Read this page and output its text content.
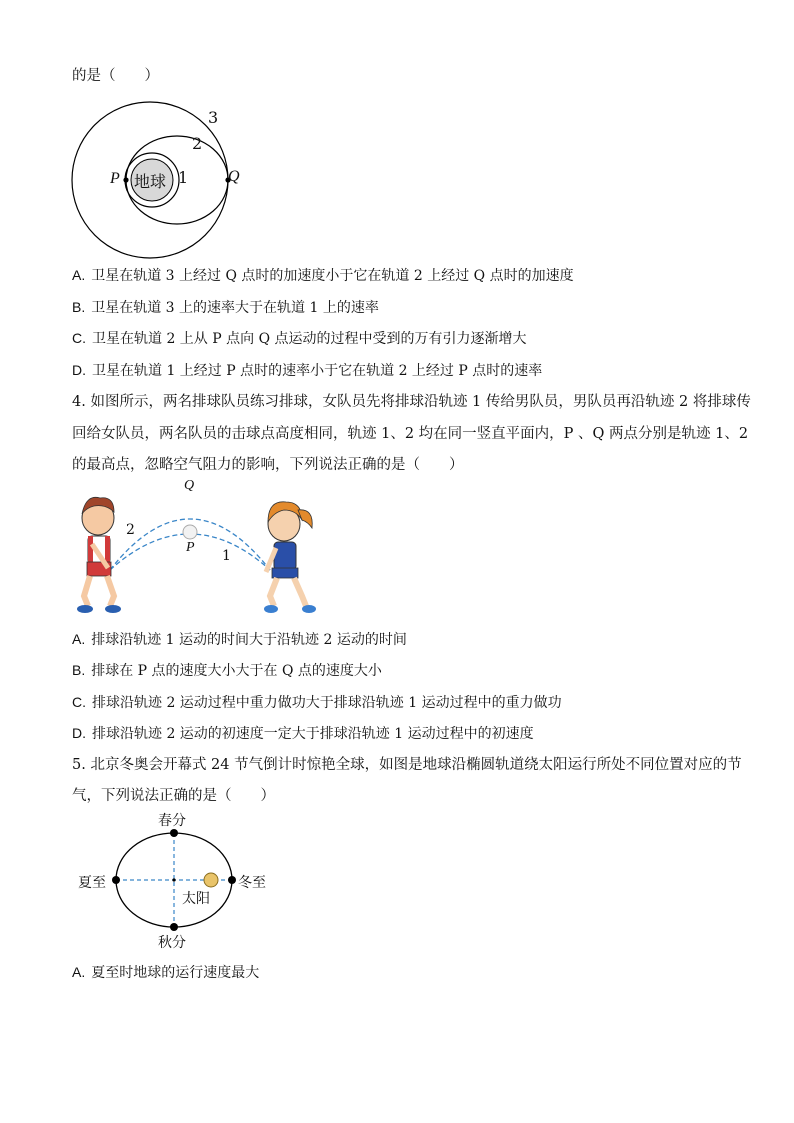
的是（　　）
3
2
1
P	Q
地球
A. 卫星在轨道 3 上经过 Q 点时的加速度小于它在轨道 2 上经过 Q 点时的加速度
B. 卫星在轨道 3 上的速率大于在轨道 1 上的速率
C. 卫星在轨道 2 上从 P 点向 Q 点运动的过程中受到的万有引力逐渐增大
D. 卫星在轨道 1 上经过 P 点时的速率小于它在轨道 2 上经过 P 点时的速率
4. 如图所示，两名排球队员练习排球，女队员先将排球沿轨迹 1 传给男队员，男队员再沿轨迹 2 将排球传
回给女队员，两名队员的击球点高度相同，轨迹 1、2 均在同一竖直平面内，P 、Q 两点分别是轨迹 1、2
的最高点，忽略空气阻力的影响，下列说法正确的是（　　）
Q
P
2
1
A. 排球沿轨迹 1 运动的时间大于沿轨迹 2 运动的时间
B. 排球在 P 点的速度大小大于在 Q 点的速度大小
C. 排球沿轨迹 2 运动过程中重力做功大于排球沿轨迹 1 运动过程中的重力做功
D. 排球沿轨迹 2 运动的初速度一定大于排球沿轨迹 1 运动过程中的初速度
5. 北京冬奥会开幕式 24 节气倒计时惊艳全球，如图是地球沿椭圆轨道绕太阳运行所处不同位置对应的节
气，下列说法正确的是（　　）
春分
秋分
夏至	冬至
太阳
A. 夏至时地球的运行速度最大
